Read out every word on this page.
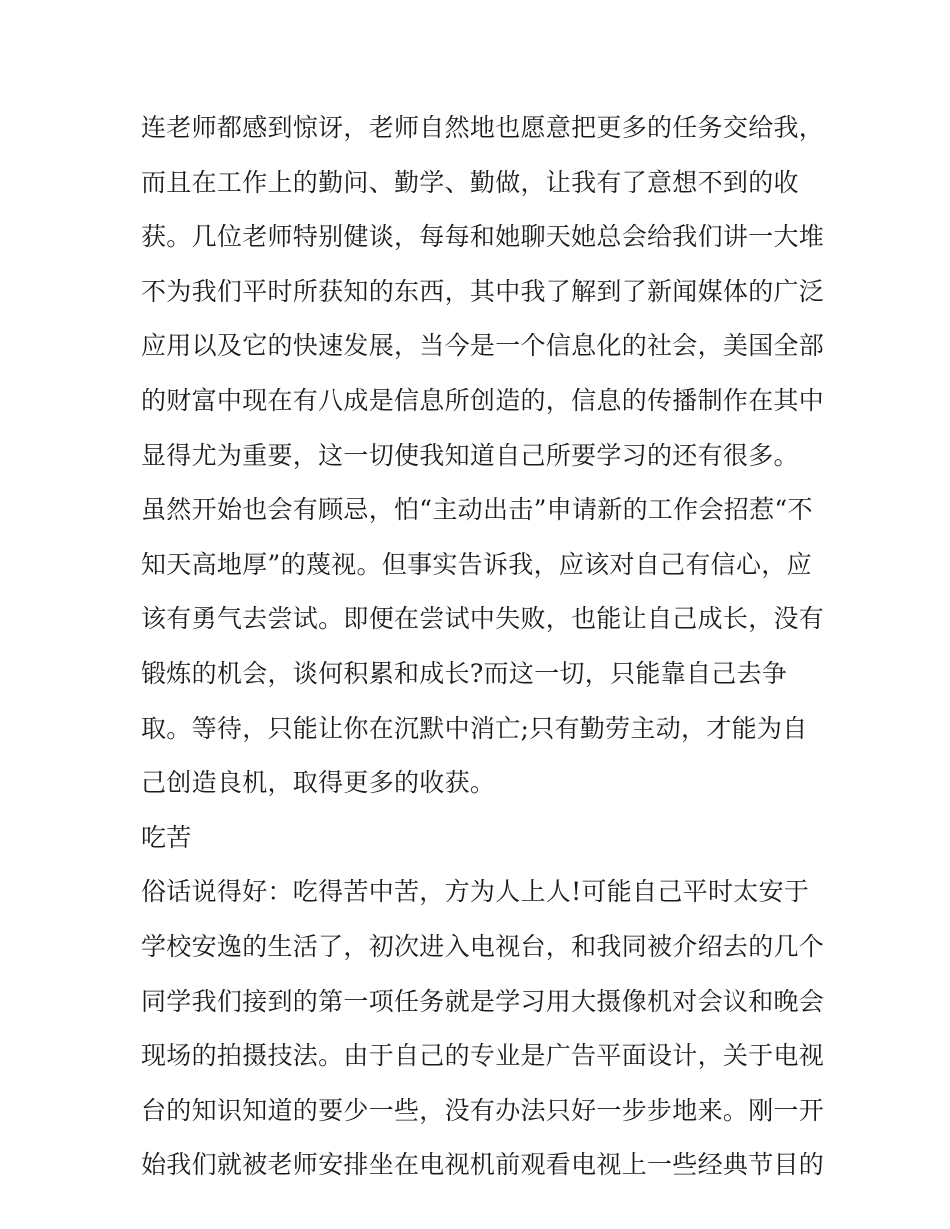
连老师都感到惊讶，老师自然地也愿意把更多的任务交给我，
而且在工作上的勤问、勤学、勤做，让我有了意想不到的收
获。几位老师特别健谈，每每和她聊天她总会给我们讲一大堆
不为我们平时所获知的东西，其中我了解到了新闻媒体的广泛
应用以及它的快速发展，当今是一个信息化的社会，美国全部
的财富中现在有八成是信息所创造的，信息的传播制作在其中
显得尤为重要，这一切使我知道自己所要学习的还有很多。
虽然开始也会有顾忌，怕“主动出击”申请新的工作会招惹“不
知天高地厚”的蔑视。但事实告诉我，应该对自己有信心，应
该有勇气去尝试。即便在尝试中失败，也能让自己成长，没有
锻炼的机会，谈何积累和成长?而这一切，只能靠自己去争
取。等待，只能让你在沉默中消亡;只有勤劳主动，才能为自
己创造良机，取得更多的收获。
吃苦
俗话说得好：吃得苦中苦，方为人上人!可能自己平时太安于
学校安逸的生活了，初次进入电视台，和我同被介绍去的几个
同学我们接到的第一项任务就是学习用大摄像机对会议和晚会
现场的拍摄技法。由于自己的专业是广告平面设计，关于电视
台的知识知道的要少一些，没有办法只好一步步地来。刚一开
始我们就被老师安排坐在电视机前观看电视上一些经典节目的
